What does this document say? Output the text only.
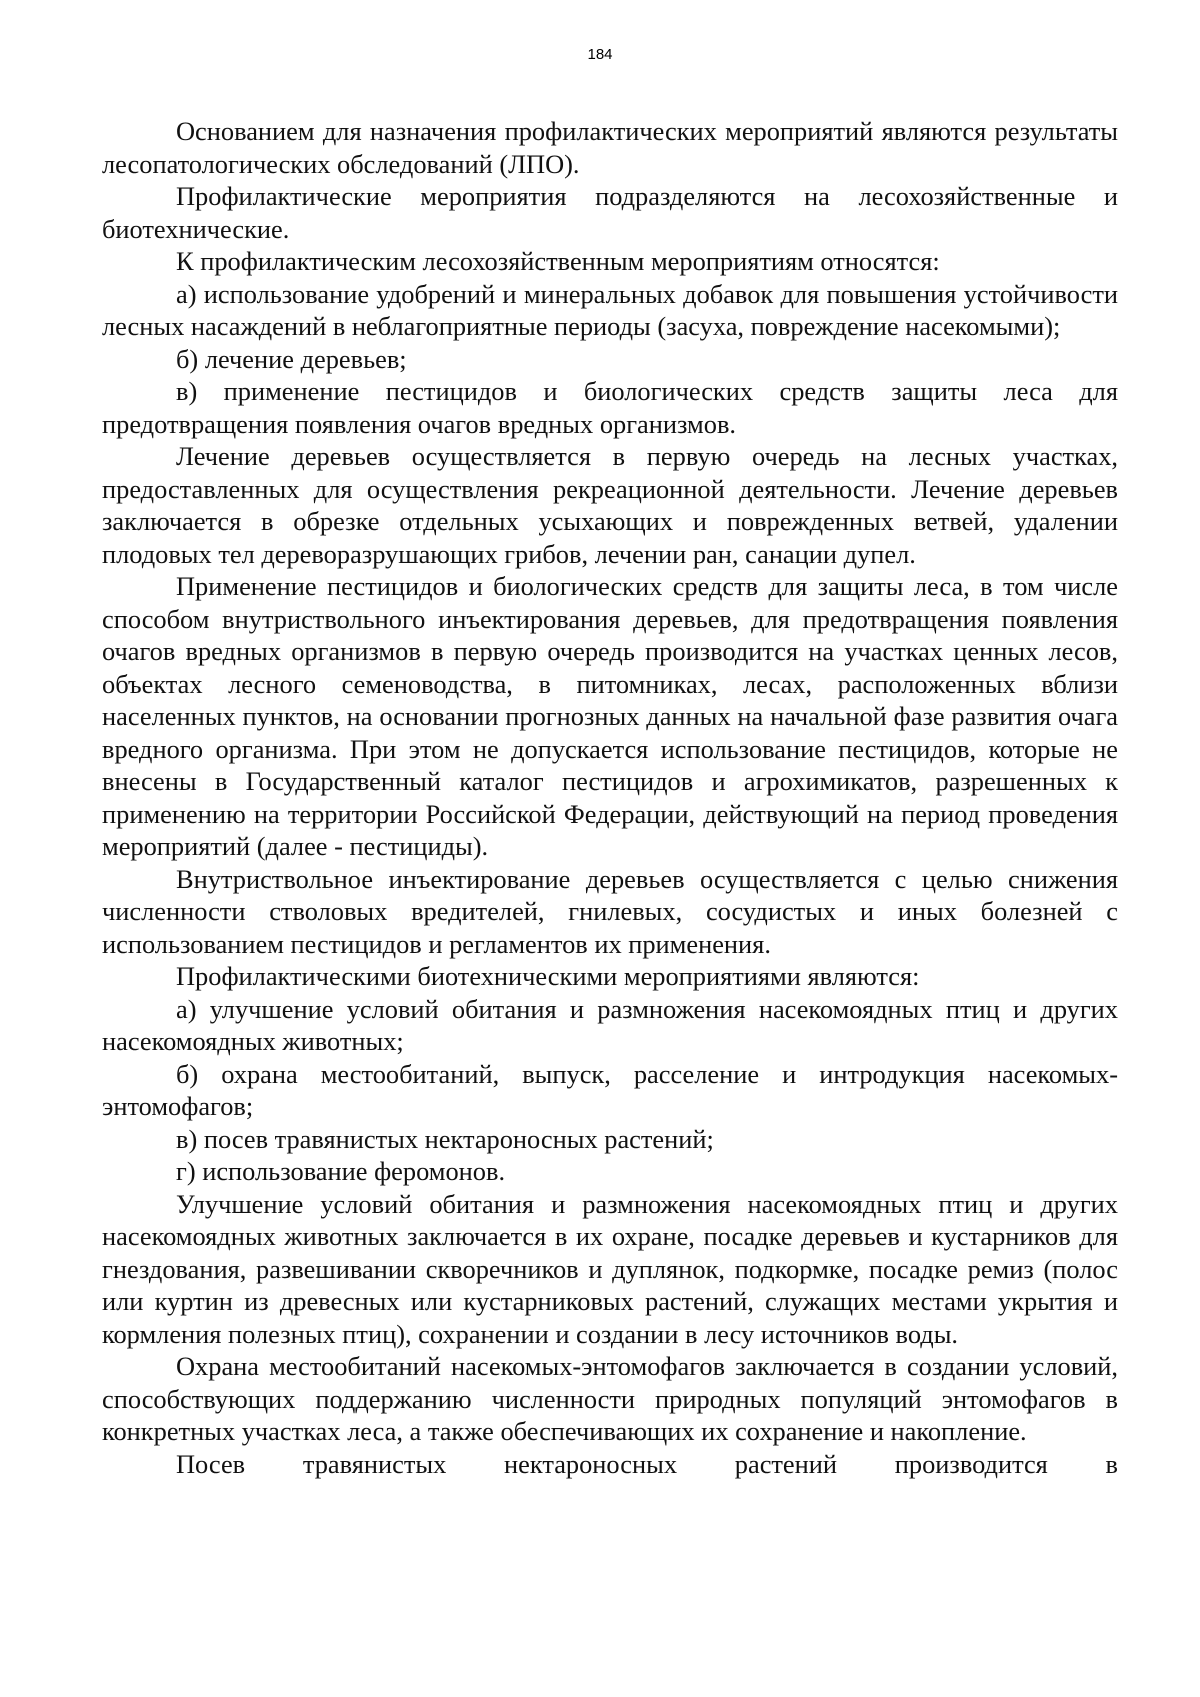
184

Основанием для назначения профилактических мероприятий являются результаты лесопатологических обследований (ЛПО).

Профилактические мероприятия подразделяются на лесохозяйственные и биотехнические.

К профилактическим лесохозяйственным мероприятиям относятся:

а) использование удобрений и минеральных добавок для повышения устойчивости лесных насаждений в неблагоприятные периоды (засуха, повреждение насекомыми);

б) лечение деревьев;

в) применение пестицидов и биологических средств защиты леса для предотвращения появления очагов вредных организмов.

Лечение деревьев осуществляется в первую очередь на лесных участках, предоставленных для осуществления рекреационной деятельности. Лечение деревьев заключается в обрезке отдельных усыхающих и поврежденных ветвей, удалении плодовых тел дереворазрушающих грибов, лечении ран, санации дупел.

Применение пестицидов и биологических средств для защиты леса, в том числе способом внутриствольного инъектирования деревьев, для предотвращения появления очагов вредных организмов в первую очередь производится на участках ценных лесов, объектах лесного семеноводства, в питомниках, лесах, расположенных вблизи населенных пунктов, на основании прогнозных данных на начальной фазе развития очага вредного организма. При этом не допускается использование пестицидов, которые не внесены в Государственный каталог пестицидов и агрохимикатов, разрешенных к применению на территории Российской Федерации, действующий на период проведения мероприятий (далее - пестициды).

Внутриствольное инъектирование деревьев осуществляется с целью снижения численности стволовых вредителей, гнилевых, сосудистых и иных болезней с использованием пестицидов и регламентов их применения.

Профилактическими биотехническими мероприятиями являются:

а) улучшение условий обитания и размножения насекомоядных птиц и других насекомоядных животных;

б) охрана местообитаний, выпуск, расселение и интродукция насекомых-энтомофагов;

в) посев травянистых нектароносных растений;

г) использование феромонов.

Улучшение условий обитания и размножения насекомоядных птиц и других насекомоядных животных заключается в их охране, посадке деревьев и кустарников для гнездования, развешивании скворечников и дуплянок, подкормке, посадке ремиз (полос или куртин из древесных или кустарниковых растений, служащих местами укрытия и кормления полезных птиц), сохранении и создании в лесу источников воды.

Охрана местообитаний насекомых-энтомофагов заключается в создании условий, способствующих поддержанию численности природных популяций энтомофагов в конкретных участках леса, а также обеспечивающих их сохранение и накопление.

Посев травянистых нектароносных растений производится в
